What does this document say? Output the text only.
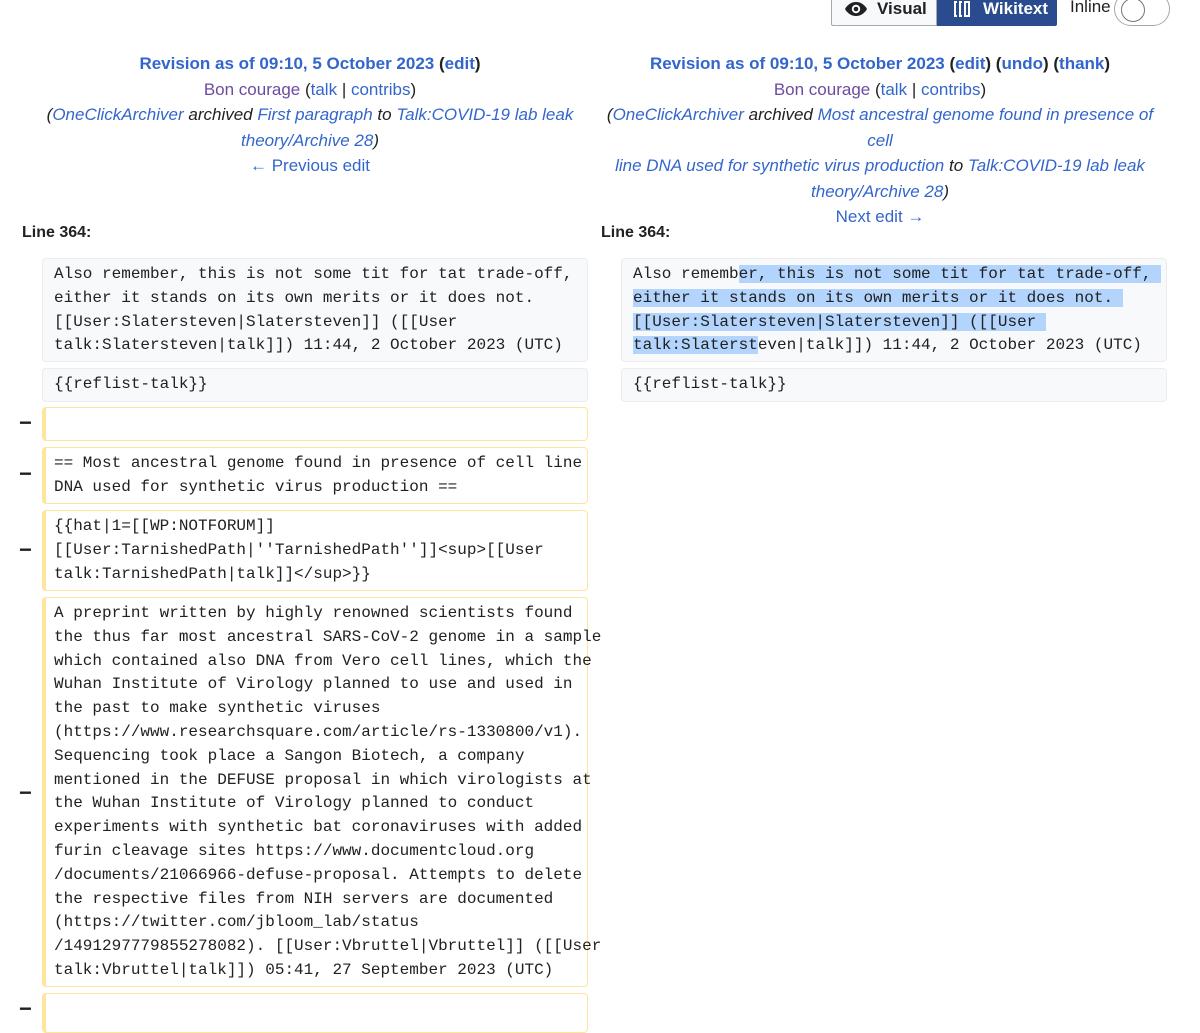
Visual	Wikitext Inline
Revision as of 09:10, 5 October 2023 (edit)
Bon courage (talk | contribs)
(OneClickArchiver archived First paragraph to Talk:COVID-19 lab leak
theory/Archive 28)
← Previous edit
Revision as of 09:10, 5 October 2023 (edit) (undo) (thank)
Bon courage (talk | contribs)
(OneClickArchiver archived Most ancestral genome found in presence of cell
line DNA used for synthetic virus production to Talk:COVID-19 lab leak
theory/Archive 28)
Next edit →
Line 364:	Line 364:
Also remember, this is not some tit for tat trade-off,
either it stands on its own merits or it does not.
[[User:Slatersteven|Slatersteven]] ([[User
talk:Slatersteven|talk]]) 11:44, 2 October 2023 (UTC)
Also remember, this is not some tit for tat trade-off,
either it stands on its own merits or it does not.
[[User:Slatersteven|Slatersteven]] ([[User
talk:Slatersteven|talk]]) 11:44, 2 October 2023 (UTC)
{{reflist-talk}}	{{reflist-talk}}
−
−	== Most ancestral genome found in presence of cell line
DNA used for synthetic virus production ==
−
{{hat|1=[[WP:NOTFORUM]]
[[User:TarnishedPath|''TarnishedPath'']]<sup>[[User
talk:TarnishedPath|talk]]</sup>}}
−
A preprint written by highly renowned scientists found
the thus far most ancestral SARS-CoV-2 genome in a sample
which contained also DNA from Vero cell lines, which the
Wuhan Institute of Virology planned to use and used in
the past to make synthetic viruses
(https://www.researchsquare.com/article/rs-1330800/v1).
Sequencing took place a Sangon Biotech, a company
mentioned in the DEFUSE proposal in which virologists at
the Wuhan Institute of Virology planned to conduct
experiments with synthetic bat coronaviruses with added
furin cleavage sites https://www.documentcloud.org
/documents/21066966-defuse-proposal. Attempts to delete
the respective files from NIH servers are documented
(https://twitter.com/jbloom_lab/status
/1491297779855278082). [[User:Vbruttel|Vbruttel]] ([[User
talk:Vbruttel|talk]]) 05:41, 27 September 2023 (UTC)
−
